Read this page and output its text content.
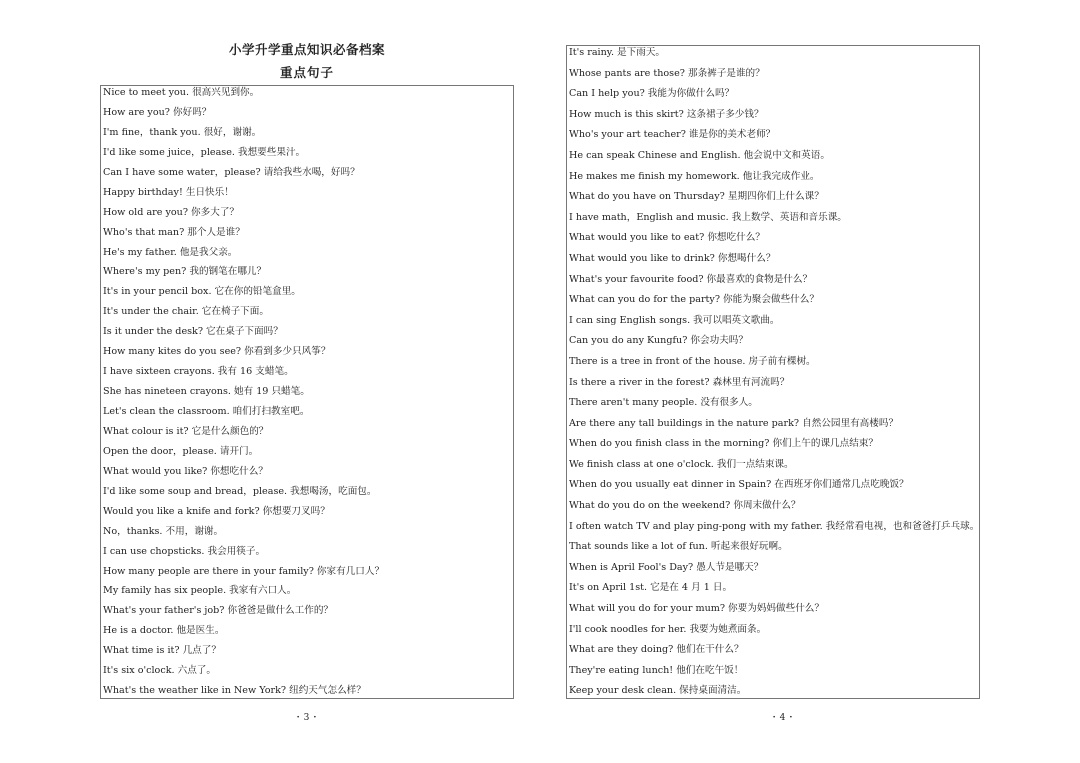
小学升学重点知识必备档案
重点句子
Nice to meet you. 很高兴见到你。
How are you? 你好吗？
I'm fine，thank you. 很好，谢谢。
I'd like some juice，please. 我想要些果汁。
Can I have some water，please? 请给我些水喝，好吗？
Happy birthday! 生日快乐！
How old are you? 你多大了？
Who's that man? 那个人是谁？
He's my father. 他是我父亲。
Where's my pen? 我的钢笔在哪儿？
It's in your pencil box. 它在你的铅笔盒里。
It's under the chair. 它在椅子下面。
Is it under the desk? 它在桌子下面吗？
How many kites do you see? 你看到多少只风筝？
I have sixteen crayons. 我有 16 支蜡笔。
She has nineteen crayons. 她有 19 只蜡笔。
Let's clean the classroom. 咱们打扫教室吧。
What colour is it? 它是什么颜色的？
Open the door，please. 请开门。
What would you like? 你想吃什么？
I'd like some soup and bread，please. 我想喝汤，吃面包。
Would you like a knife and fork? 你想要刀叉吗？
No，thanks. 不用，谢谢。
I can use chopsticks. 我会用筷子。
How many people are there in your family? 你家有几口人？
My family has six people. 我家有六口人。
What's your father's job? 你爸爸是做什么工作的？
He is a doctor. 他是医生。
What time is it? 几点了？
It's six o'clock. 六点了。
What's the weather like in New York? 纽约天气怎么样？
・3・
It's rainy. 是下雨天。
Whose pants are those? 那条裤子是谁的？
Can I help you? 我能为你做什么吗？
How much is this skirt? 这条裙子多少钱？
Who's your art teacher? 谁是你的美术老师？
He can speak Chinese and English. 他会说中文和英语。
He makes me finish my homework. 他让我完成作业。
What do you have on Thursday? 星期四你们上什么课？
I have math，English and music. 我上数学、英语和音乐课。
What would you like to eat? 你想吃什么？
What would you like to drink? 你想喝什么？
What's your favourite food? 你最喜欢的食物是什么？
What can you do for the party? 你能为聚会做些什么？
I can sing English songs. 我可以唱英文歌曲。
Can you do any Kungfu? 你会功夫吗？
There is a tree in front of the house. 房子前有棵树。
Is there a river in the forest? 森林里有河流吗？
There aren't many people. 没有很多人。
Are there any tall buildings in the nature park? 自然公园里有高楼吗？
When do you finish class in the morning? 你们上午的课几点结束？
We finish class at one o'clock. 我们一点结束课。
When do you usually eat dinner in Spain? 在西班牙你们通常几点吃晚饭？
What do you do on the weekend? 你周末做什么？
I often watch TV and play ping-pong with my father. 我经常看电视，也和爸爸打乒乓球。
That sounds like a lot of fun. 听起来很好玩啊。
When is April Fool's Day? 愚人节是哪天？
It's on April 1st. 它是在 4 月 1 日。
What will you do for your mum? 你要为妈妈做些什么？
I'll cook noodles for her. 我要为她煮面条。
What are they doing? 他们在干什么？
They're eating lunch! 他们在吃午饭！
Keep your desk clean. 保持桌面清洁。
・4・
